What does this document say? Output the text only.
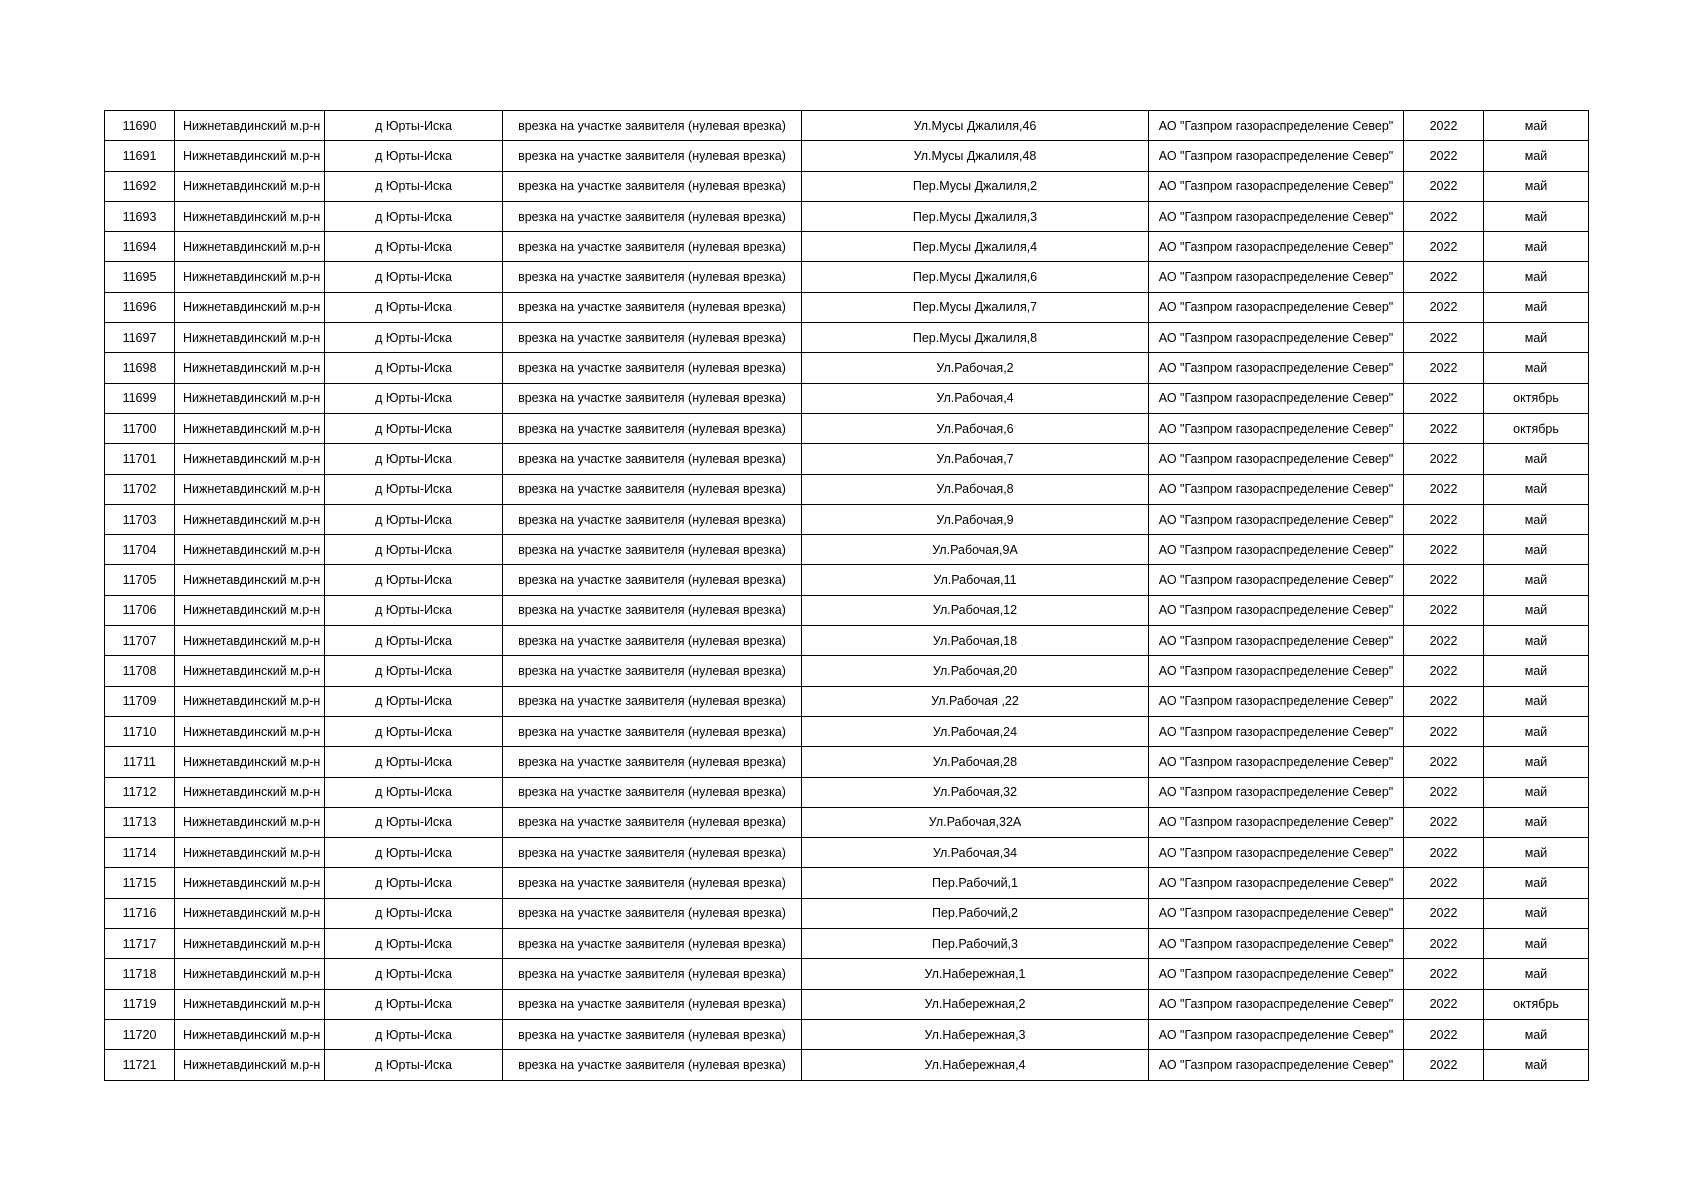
11690	Нижнетавдинский м.р-н	д Юрты-Иска	врезка на участке заявителя (нулевая врезка)	Ул.Мусы Джалиля,46	АО "Газпром газораспределение Север"	2022	май
11691	Нижнетавдинский м.р-н	д Юрты-Иска	врезка на участке заявителя (нулевая врезка)	Ул.Мусы Джалиля,48	АО "Газпром газораспределение Север"	2022	май
11692	Нижнетавдинский м.р-н	д Юрты-Иска	врезка на участке заявителя (нулевая врезка)	Пер.Мусы Джалиля,2	АО "Газпром газораспределение Север"	2022	май
11693	Нижнетавдинский м.р-н	д Юрты-Иска	врезка на участке заявителя (нулевая врезка)	Пер.Мусы Джалиля,3	АО "Газпром газораспределение Север"	2022	май
11694	Нижнетавдинский м.р-н	д Юрты-Иска	врезка на участке заявителя (нулевая врезка)	Пер.Мусы Джалиля,4	АО "Газпром газораспределение Север"	2022	май
11695	Нижнетавдинский м.р-н	д Юрты-Иска	врезка на участке заявителя (нулевая врезка)	Пер.Мусы Джалиля,6	АО "Газпром газораспределение Север"	2022	май
11696	Нижнетавдинский м.р-н	д Юрты-Иска	врезка на участке заявителя (нулевая врезка)	Пер.Мусы Джалиля,7	АО "Газпром газораспределение Север"	2022	май
11697	Нижнетавдинский м.р-н	д Юрты-Иска	врезка на участке заявителя (нулевая врезка)	Пер.Мусы Джалиля,8	АО "Газпром газораспределение Север"	2022	май
11698	Нижнетавдинский м.р-н	д Юрты-Иска	врезка на участке заявителя (нулевая врезка)	Ул.Рабочая,2	АО "Газпром газораспределение Север"	2022	май
11699	Нижнетавдинский м.р-н	д Юрты-Иска	врезка на участке заявителя (нулевая врезка)	Ул.Рабочая,4	АО "Газпром газораспределение Север"	2022	октябрь
11700	Нижнетавдинский м.р-н	д Юрты-Иска	врезка на участке заявителя (нулевая врезка)	Ул.Рабочая,6	АО "Газпром газораспределение Север"	2022	октябрь
11701	Нижнетавдинский м.р-н	д Юрты-Иска	врезка на участке заявителя (нулевая врезка)	Ул.Рабочая,7	АО "Газпром газораспределение Север"	2022	май
11702	Нижнетавдинский м.р-н	д Юрты-Иска	врезка на участке заявителя (нулевая врезка)	Ул.Рабочая,8	АО "Газпром газораспределение Север"	2022	май
11703	Нижнетавдинский м.р-н	д Юрты-Иска	врезка на участке заявителя (нулевая врезка)	Ул.Рабочая,9	АО "Газпром газораспределение Север"	2022	май
11704	Нижнетавдинский м.р-н	д Юрты-Иска	врезка на участке заявителя (нулевая врезка)	Ул.Рабочая,9А	АО "Газпром газораспределение Север"	2022	май
11705	Нижнетавдинский м.р-н	д Юрты-Иска	врезка на участке заявителя (нулевая врезка)	Ул.Рабочая,11	АО "Газпром газораспределение Север"	2022	май
11706	Нижнетавдинский м.р-н	д Юрты-Иска	врезка на участке заявителя (нулевая врезка)	Ул.Рабочая,12	АО "Газпром газораспределение Север"	2022	май
11707	Нижнетавдинский м.р-н	д Юрты-Иска	врезка на участке заявителя (нулевая врезка)	Ул.Рабочая,18	АО "Газпром газораспределение Север"	2022	май
11708	Нижнетавдинский м.р-н	д Юрты-Иска	врезка на участке заявителя (нулевая врезка)	Ул.Рабочая,20	АО "Газпром газораспределение Север"	2022	май
11709	Нижнетавдинский м.р-н	д Юрты-Иска	врезка на участке заявителя (нулевая врезка)	Ул.Рабочая ,22	АО "Газпром газораспределение Север"	2022	май
11710	Нижнетавдинский м.р-н	д Юрты-Иска	врезка на участке заявителя (нулевая врезка)	Ул.Рабочая,24	АО "Газпром газораспределение Север"	2022	май
11711	Нижнетавдинский м.р-н	д Юрты-Иска	врезка на участке заявителя (нулевая врезка)	Ул.Рабочая,28	АО "Газпром газораспределение Север"	2022	май
11712	Нижнетавдинский м.р-н	д Юрты-Иска	врезка на участке заявителя (нулевая врезка)	Ул.Рабочая,32	АО "Газпром газораспределение Север"	2022	май
11713	Нижнетавдинский м.р-н	д Юрты-Иска	врезка на участке заявителя (нулевая врезка)	Ул.Рабочая,32А	АО "Газпром газораспределение Север"	2022	май
11714	Нижнетавдинский м.р-н	д Юрты-Иска	врезка на участке заявителя (нулевая врезка)	Ул.Рабочая,34	АО "Газпром газораспределение Север"	2022	май
11715	Нижнетавдинский м.р-н	д Юрты-Иска	врезка на участке заявителя (нулевая врезка)	Пер.Рабочий,1	АО "Газпром газораспределение Север"	2022	май
11716	Нижнетавдинский м.р-н	д Юрты-Иска	врезка на участке заявителя (нулевая врезка)	Пер.Рабочий,2	АО "Газпром газораспределение Север"	2022	май
11717	Нижнетавдинский м.р-н	д Юрты-Иска	врезка на участке заявителя (нулевая врезка)	Пер.Рабочий,3	АО "Газпром газораспределение Север"	2022	май
11718	Нижнетавдинский м.р-н	д Юрты-Иска	врезка на участке заявителя (нулевая врезка)	Ул.Набережная,1	АО "Газпром газораспределение Север"	2022	май
11719	Нижнетавдинский м.р-н	д Юрты-Иска	врезка на участке заявителя (нулевая врезка)	Ул.Набережная,2	АО "Газпром газораспределение Север"	2022	октябрь
11720	Нижнетавдинский м.р-н	д Юрты-Иска	врезка на участке заявителя (нулевая врезка)	Ул.Набережная,3	АО "Газпром газораспределение Север"	2022	май
11721	Нижнетавдинский м.р-н	д Юрты-Иска	врезка на участке заявителя (нулевая врезка)	Ул.Набережная,4	АО "Газпром газораспределение Север"	2022	май
